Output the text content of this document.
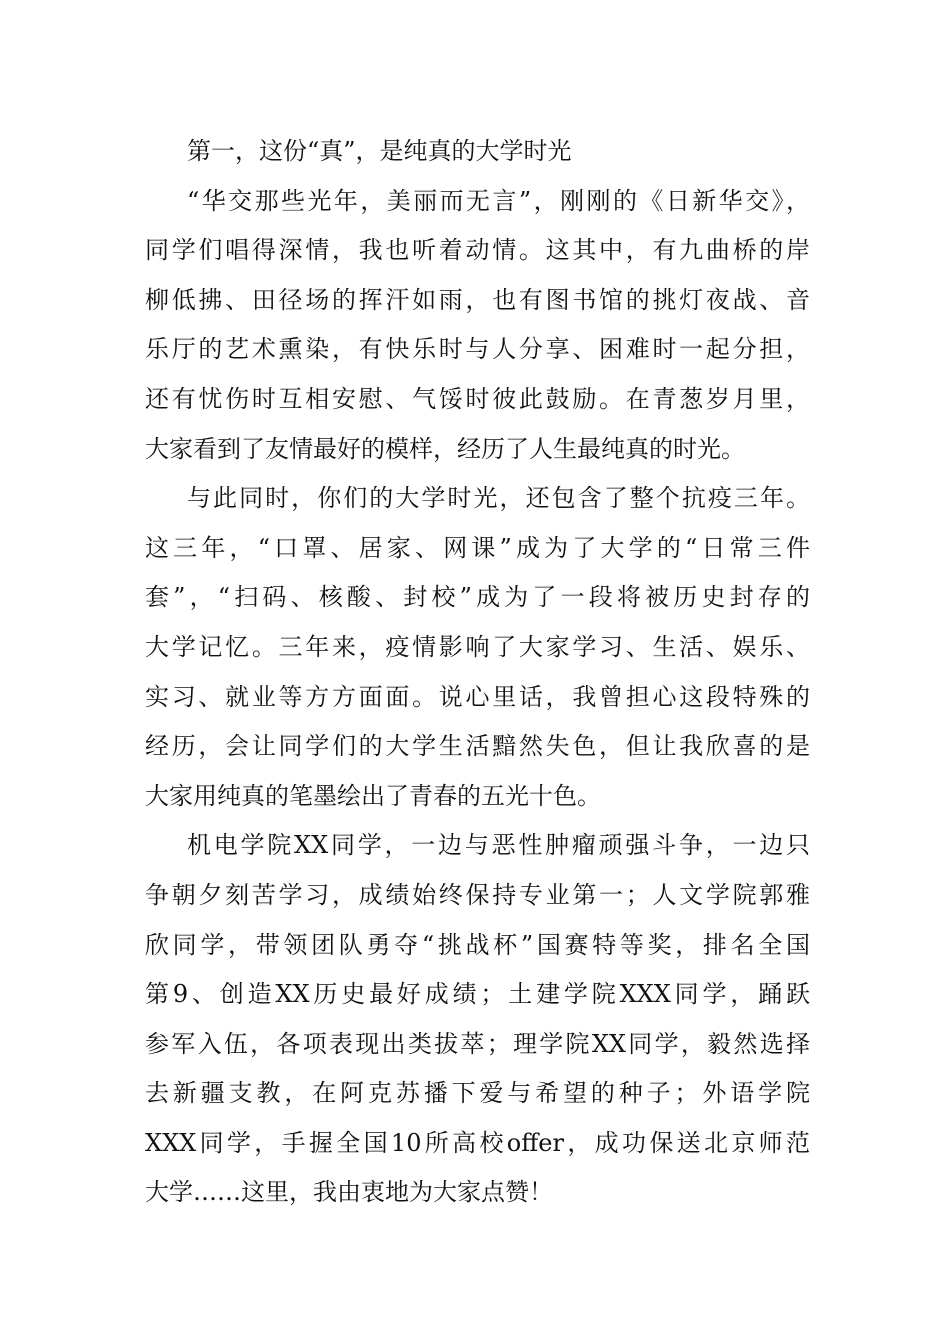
第一，这份“真”，是纯真的大学时光
“华交那些光年，美丽而无言”，刚刚的《日新华交》，
同学们唱得深情，我也听着动情。这其中，有九曲桥的岸
柳低拂、田径场的挥汗如雨，也有图书馆的挑灯夜战、音
乐厅的艺术熏染，有快乐时与人分享、困难时一起分担，
还有忧伤时互相安慰、气馁时彼此鼓励。在青葱岁月里，
大家看到了友情最好的模样，经历了人生最纯真的时光。
与此同时，你们的大学时光，还包含了整个抗疫三年。
这三年，“口罩、居家、网课”成为了大学的“日常三件
套”，“扫码、核酸、封校”成为了一段将被历史封存的
大学记忆。三年来，疫情影响了大家学习、生活、娱乐、
实习、就业等方方面面。说心里话，我曾担心这段特殊的
经历，会让同学们的大学生活黯然失色，但让我欣喜的是
大家用纯真的笔墨绘出了青春的五光十色。
机电学院XX同学，一边与恶性肿瘤顽强斗争，一边只
争朝夕刻苦学习，成绩始终保持专业第一；人文学院郭雅
欣同学，带领团队勇夺“挑战杯”国赛特等奖，排名全国
第9、创造XX历史最好成绩；土建学院XXX同学，踊跃
参军入伍，各项表现出类拔萃；理学院XX同学，毅然选择
去新疆支教，在阿克苏播下爱与希望的种子；外语学院
XXX同学，手握全国10所高校offer，成功保送北京师范
大学……这里，我由衷地为大家点赞！
